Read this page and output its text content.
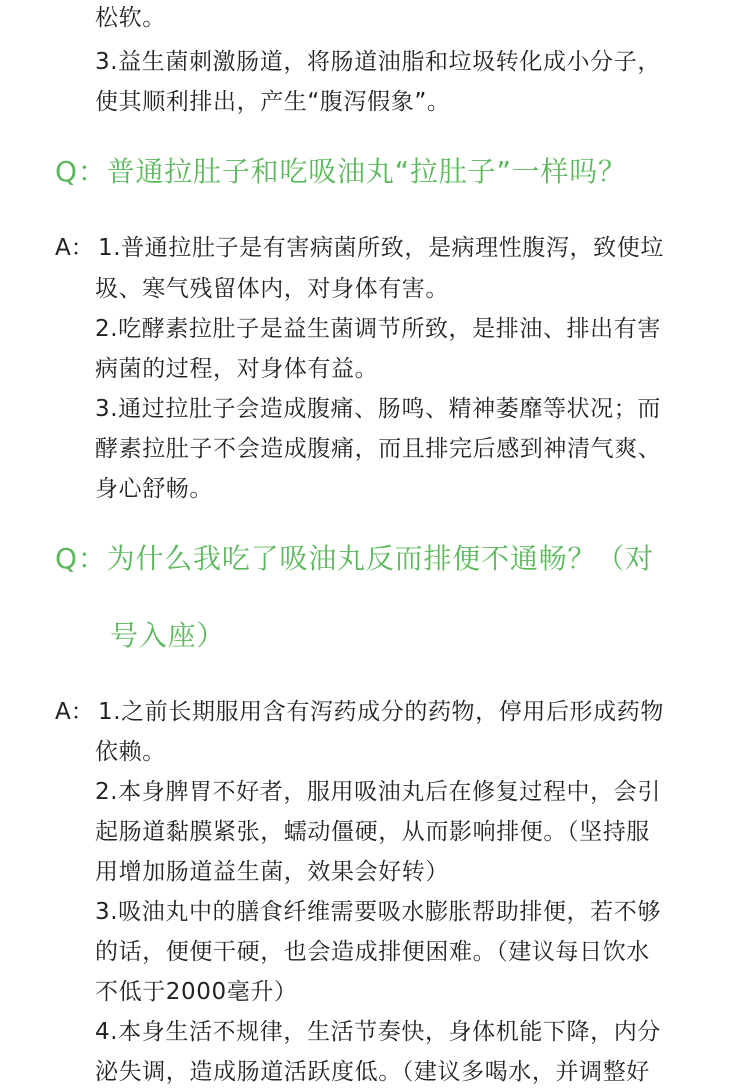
松软。
3.益生菌刺激肠道，将肠道油脂和垃圾转化成小分子，
使其顺利排出，产生“腹泻假象”。
Q：普通拉肚子和吃吸油丸“拉肚子”一样吗？
A： 1.普通拉肚子是有害病菌所致，是病理性腹泻，致使垃
圾、寒气残留体内，对身体有害。
2.吃酵素拉肚子是益生菌调节所致，是排油、排出有害
病菌的过程，对身体有益。
3.通过拉肚子会造成腹痛、肠鸣、精神萎靡等状况；而
酵素拉肚子不会造成腹痛，而且排完后感到神清气爽、
身心舒畅。
Q：为什么我吃了吸油丸反而排便不通畅？（对
号入座）
A： 1.之前长期服用含有泻药成分的药物，停用后形成药物
依赖。
2.本身脾胃不好者，服用吸油丸后在修复过程中，会引
起肠道黏膜紧张，蠕动僵硬，从而影响排便。（坚持服
用增加肠道益生菌，效果会好转）
3.吸油丸中的膳食纤维需要吸水膨胀帮助排便，若不够
的话，便便干硬，也会造成排便困难。（建议每日饮水
不低于2000毫升）
4.本身生活不规律，生活节奏快，身体机能下降，内分
泌失调，造成肠道活跃度低。（建议多喝水，并调整好
